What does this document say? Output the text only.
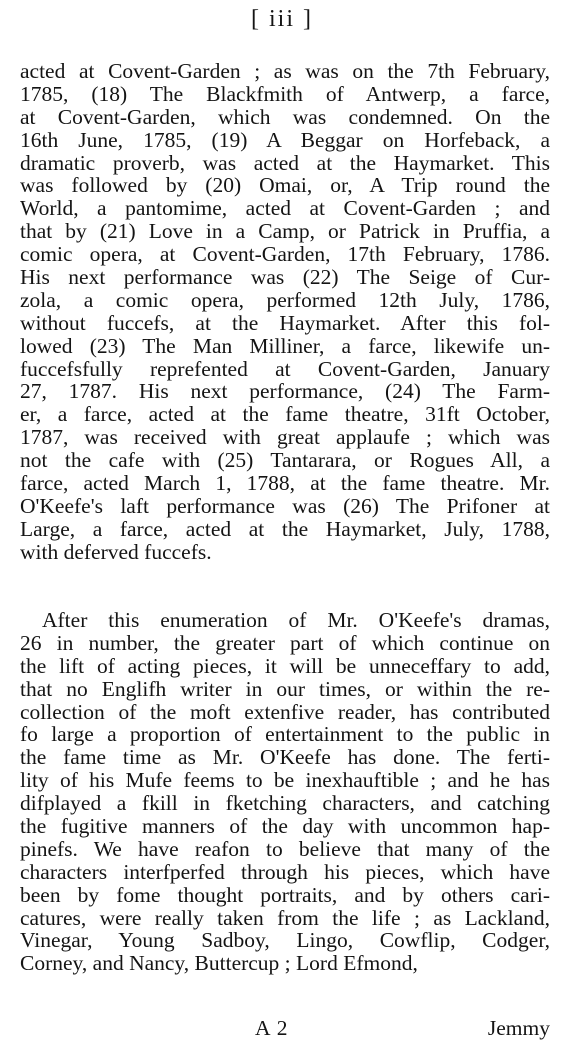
[ iii ]
acted at Covent-Garden ; as was on the 7th February,
1785, (18) The Blackfmith of Antwerp, a farce,
at Covent-Garden, which was condemned. On the
16th June, 1785, (19) A Beggar on Horfeback, a
dramatic proverb, was acted at the Haymarket. This
was followed by (20) Omai, or, A Trip round the
World, a pantomime, acted at Covent-Garden ; and
that by (21) Love in a Camp, or Patrick in Pruffia, a
comic opera, at Covent-Garden, 17th February, 1786.
His next performance was (22) The Seige of Cur-
zola, a comic opera, performed 12th July, 1786,
without fuccefs, at the Haymarket. After this fol-
lowed (23) The Man Milliner, a farce, likewife un-
fuccefsfully reprefented at Covent-Garden, January
27, 1787. His next performance, (24) The Farm-
er, a farce, acted at the fame theatre, 31ft October,
1787, was received with great applaufe ; which was
not the cafe with (25) Tantarara, or Rogues All, a
farce, acted March 1, 1788, at the fame theatre. Mr.
O'Keefe's laft performance was (26) The Prifoner at
Large, a farce, acted at the Haymarket, July, 1788,
with deferved fuccefs.
After this enumeration of Mr. O'Keefe's dramas,
26 in number, the greater part of which continue on
the lift of acting pieces, it will be unneceffary to add,
that no Englifh writer in our times, or within the re-
collection of the moft extenfive reader, has contributed
fo large a proportion of entertainment to the public in
the fame time as Mr. O'Keefe has done. The ferti-
lity of his Mufe feems to be inexhauftible ; and he has
difplayed a fkill in fketching characters, and catching
the fugitive manners of the day with uncommon hap-
pinefs. We have reafon to believe that many of the
characters interfperfed through his pieces, which have
been by fome thought portraits, and by others cari-
catures, were really taken from the life ; as Lackland,
Vinegar, Young Sadboy, Lingo, Cowflip, Codger,
Corney, and Nancy, Buttercup ; Lord Efmond,
A 2	Jemmy
